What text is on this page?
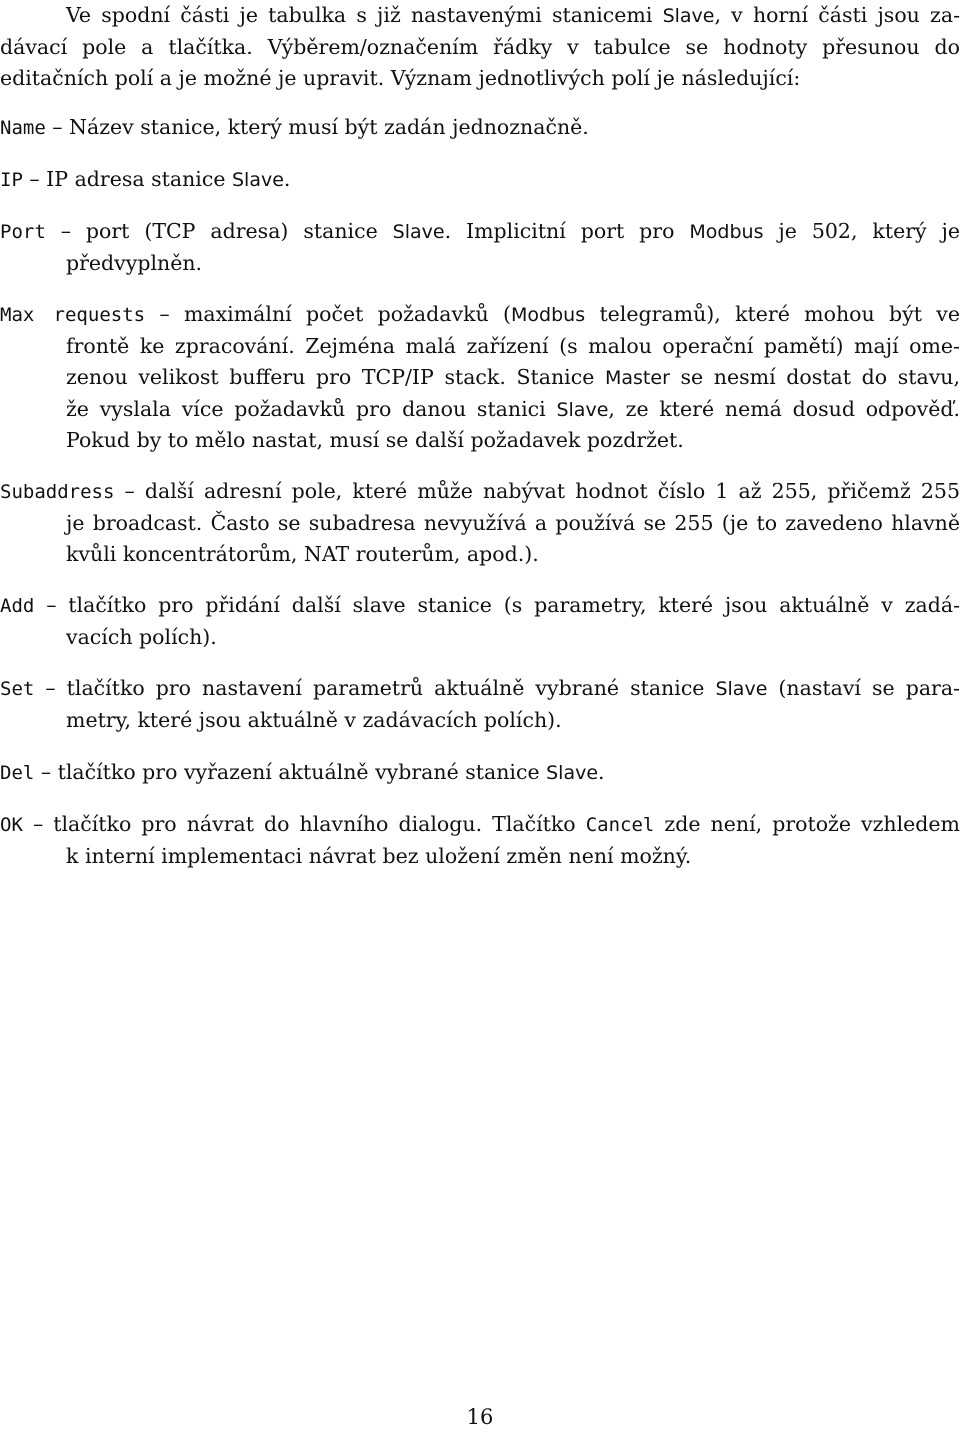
Ve spodní části je tabulka s již nastavenými stanicemi Slave, v horní části jsou za-
dávací pole a tlačítka. Výběrem/označením řádky v tabulce se hodnoty přesunou do
editačních polí a je možné je upravit. Význam jednotlivých polí je následující:
Name – Název stanice, který musí být zadán jednoznačně.
IP – IP adresa stanice Slave.
Port – port (TCP adresa) stanice Slave. Implicitní port pro Modbus je 502, který je
předvyplněn.
Max requests – maximální počet požadavků (Modbus telegramů), které mohou být ve
frontě ke zpracování. Zejména malá zařízení (s malou operační pamětí) mají ome-
zenou velikost bufferu pro TCP/IP stack. Stanice Master se nesmí dostat do stavu,
že vyslala více požadavků pro danou stanici Slave, ze které nemá dosud odpověď.
Pokud by to mělo nastat, musí se další požadavek pozdržet.
Subaddress – další adresní pole, které může nabývat hodnot číslo 1 až 255, přičemž 255
je broadcast. Často se subadresa nevyužívá a používá se 255 (je to zavedeno hlavně
kvůli koncentrátorům, NAT routerům, apod.).
Add – tlačítko pro přidání další slave stanice (s parametry, které jsou aktuálně v zadá-
vacích polích).
Set – tlačítko pro nastavení parametrů aktuálně vybrané stanice Slave (nastaví se para-
metry, které jsou aktuálně v zadávacích polích).
Del – tlačítko pro vyřazení aktuálně vybrané stanice Slave.
OK – tlačítko pro návrat do hlavního dialogu. Tlačítko Cancel zde není, protože vzhledem
k interní implementaci návrat bez uložení změn není možný.
16
